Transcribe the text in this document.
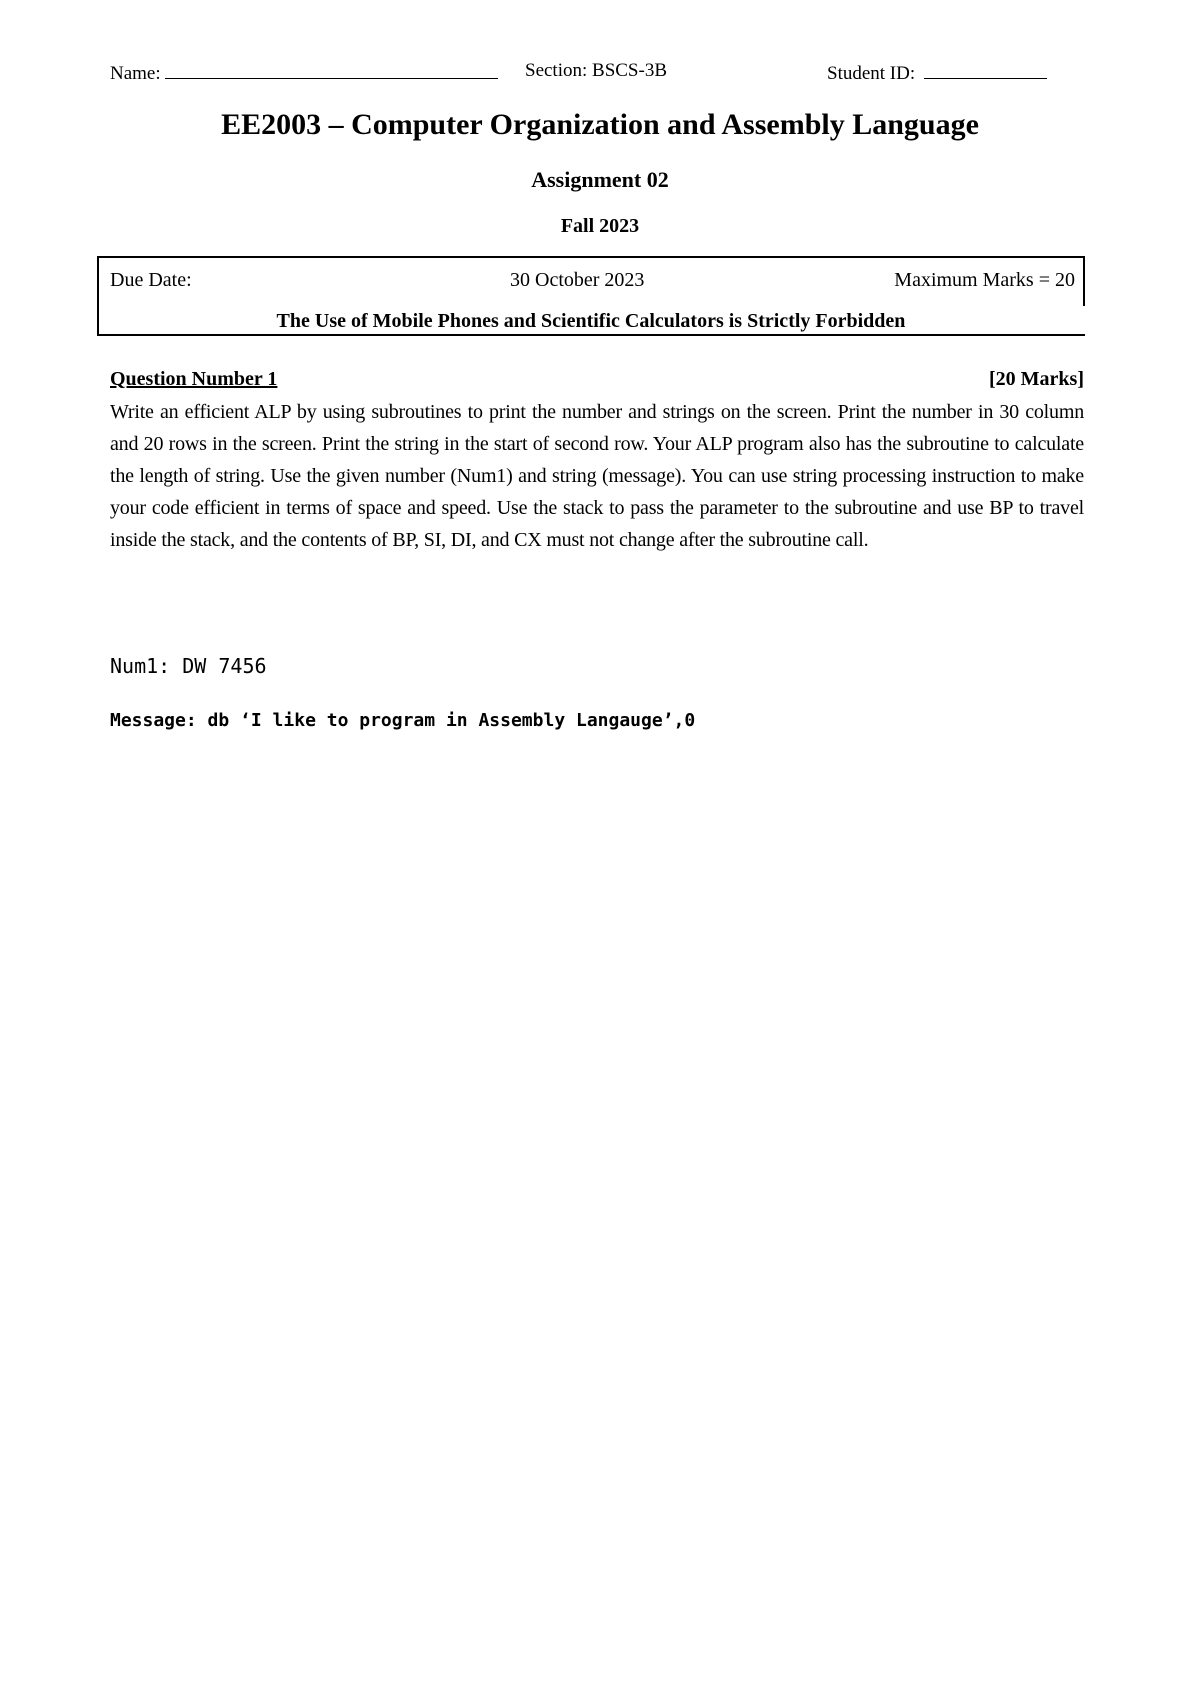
Name:	Section: BSCS-3B	Student ID:
EE2003 – Computer Organization and Assembly Language
Assignment 02
Fall 2023
Due Date:	30 October 2023	Maximum Marks = 20
The Use of Mobile Phones and Scientific Calculators is Strictly Forbidden
Question Number 1	[20 Marks]
Write an efficient ALP by using subroutines to print the number and strings on the screen. Print the number in 30 column and 20 rows in the screen. Print the string in the start of second row. Your ALP program also has the subroutine to calculate the length of string. Use the given number (Num1) and string (message). You can use string processing instruction to make your code efficient in terms of space and speed. Use the stack to pass the parameter to the subroutine and use BP to travel inside the stack, and the contents of BP, SI, DI, and CX must not change after the subroutine call.
Num1: DW 7456
Message: db ‘I like to program in Assembly Langauge’,0
